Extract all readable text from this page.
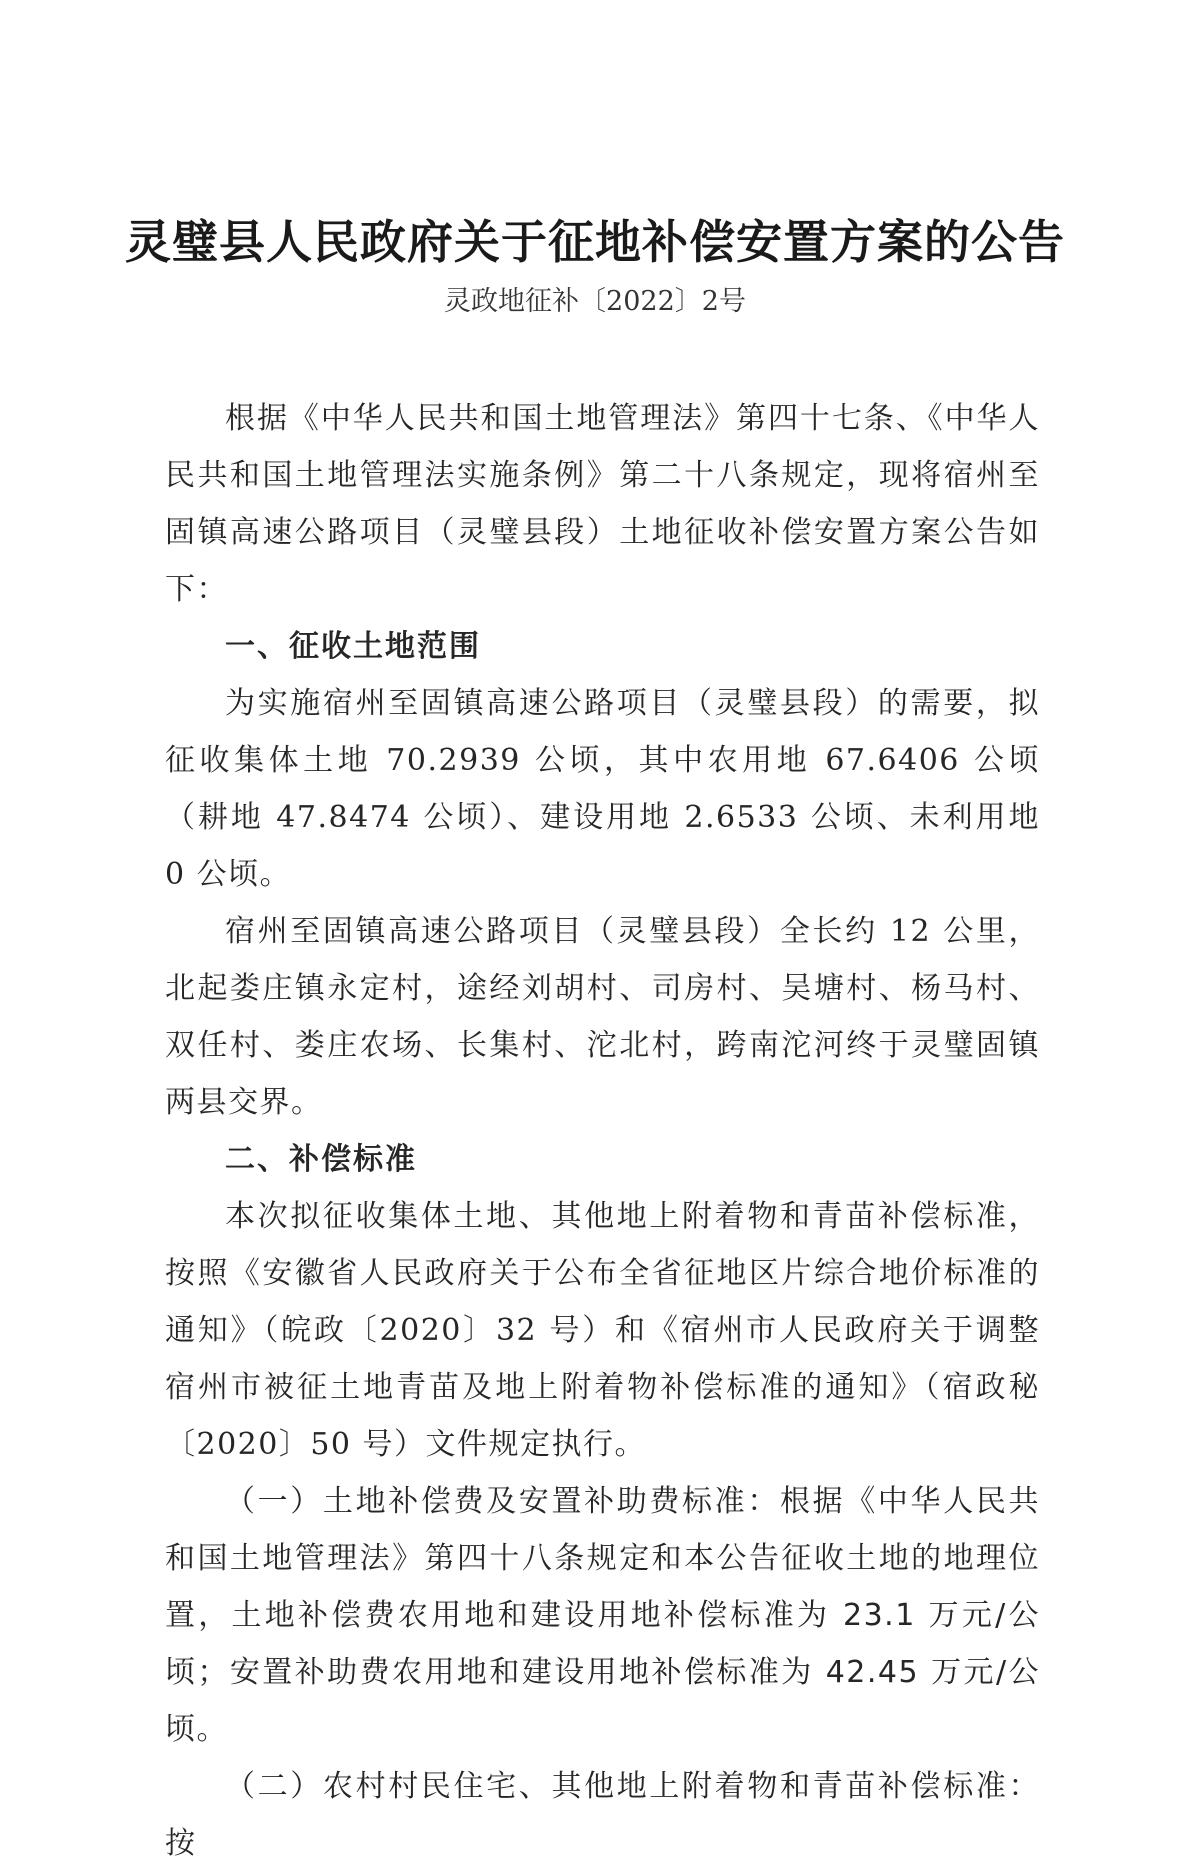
灵璧县人民政府关于征地补偿安置方案的公告
灵政地征补〔2022〕2号

根据《中华人民共和国土地管理法》第四十七条、《中华人民共和国土地管理法实施条例》第二十八条规定，现将宿州至固镇高速公路项目（灵璧县段）土地征收补偿安置方案公告如下：

一、征收土地范围

为实施宿州至固镇高速公路项目（灵璧县段）的需要，拟征收集体土地 70.2939 公顷，其中农用地 67.6406 公顷（耕地 47.8474 公顷）、建设用地 2.6533 公顷、未利用地 0 公顷。

宿州至固镇高速公路项目（灵璧县段）全长约 12 公里，北起娄庄镇永定村，途经刘胡村、司房村、吴塘村、杨马村、双任村、娄庄农场、长集村、沱北村，跨南沱河终于灵璧固镇两县交界。

二、补偿标准

本次拟征收集体土地、其他地上附着物和青苗补偿标准，按照《安徽省人民政府关于公布全省征地区片综合地价标准的通知》（皖政〔2020〕32 号）和《宿州市人民政府关于调整宿州市被征土地青苗及地上附着物补偿标准的通知》（宿政秘〔2020〕50 号）文件规定执行。

（一）土地补偿费及安置补助费标准：根据《中华人民共和国土地管理法》第四十八条规定和本公告征收土地的地理位置，土地补偿费农用地和建设用地补偿标准为 23.1 万元/公顷；安置补助费农用地和建设用地补偿标准为 42.45 万元/公顷。

（二）农村村民住宅、其他地上附着物和青苗补偿标准：按
